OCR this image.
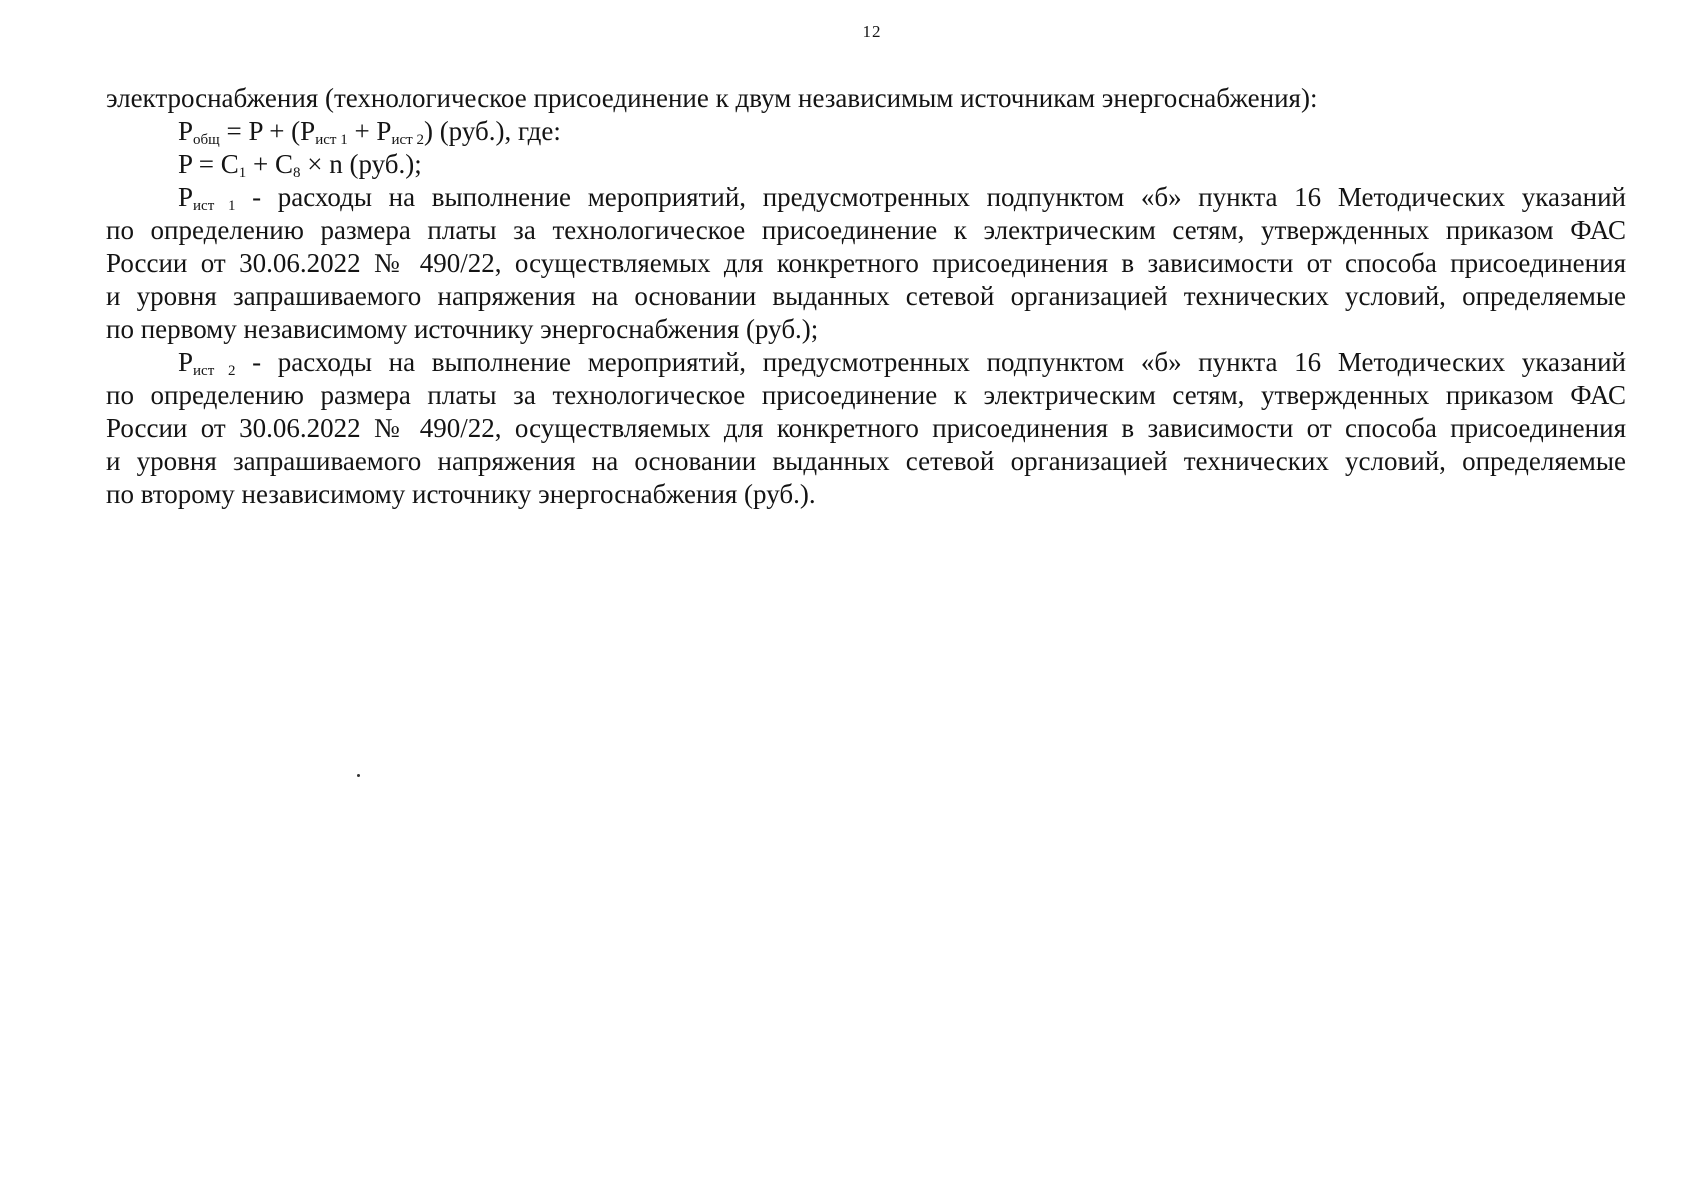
12
электроснабжения (технологическое присоединение к двум независимым источникам энергоснабжения):
$P_{общ} = P + (P_{ист 1} + P_{ист 2})$ (руб.), где:
$P = C_1 + C_8 \times n$ (руб.);
$P_{ист 1}$ - расходы на выполнение мероприятий, предусмотренных подпунктом «б» пункта 16 Методических указаний
по определению размера платы за технологическое присоединение к электрическим сетям, утвержденных приказом ФАС
России от 30.06.2022 № 490/22, осуществляемых для конкретного присоединения в зависимости от способа присоединения
и уровня запрашиваемого напряжения на основании выданных сетевой организацией технических условий, определяемые
по первому независимому источнику энергоснабжения (руб.);
$P_{ист 2}$ - расходы на выполнение мероприятий, предусмотренных подпунктом «б» пункта 16 Методических указаний
по определению размера платы за технологическое присоединение к электрическим сетям, утвержденных приказом ФАС
России от 30.06.2022 № 490/22, осуществляемых для конкретного присоединения в зависимости от способа присоединения
и уровня запрашиваемого напряжения на основании выданных сетевой организацией технических условий, определяемые
по второму независимому источнику энергоснабжения (руб.).
